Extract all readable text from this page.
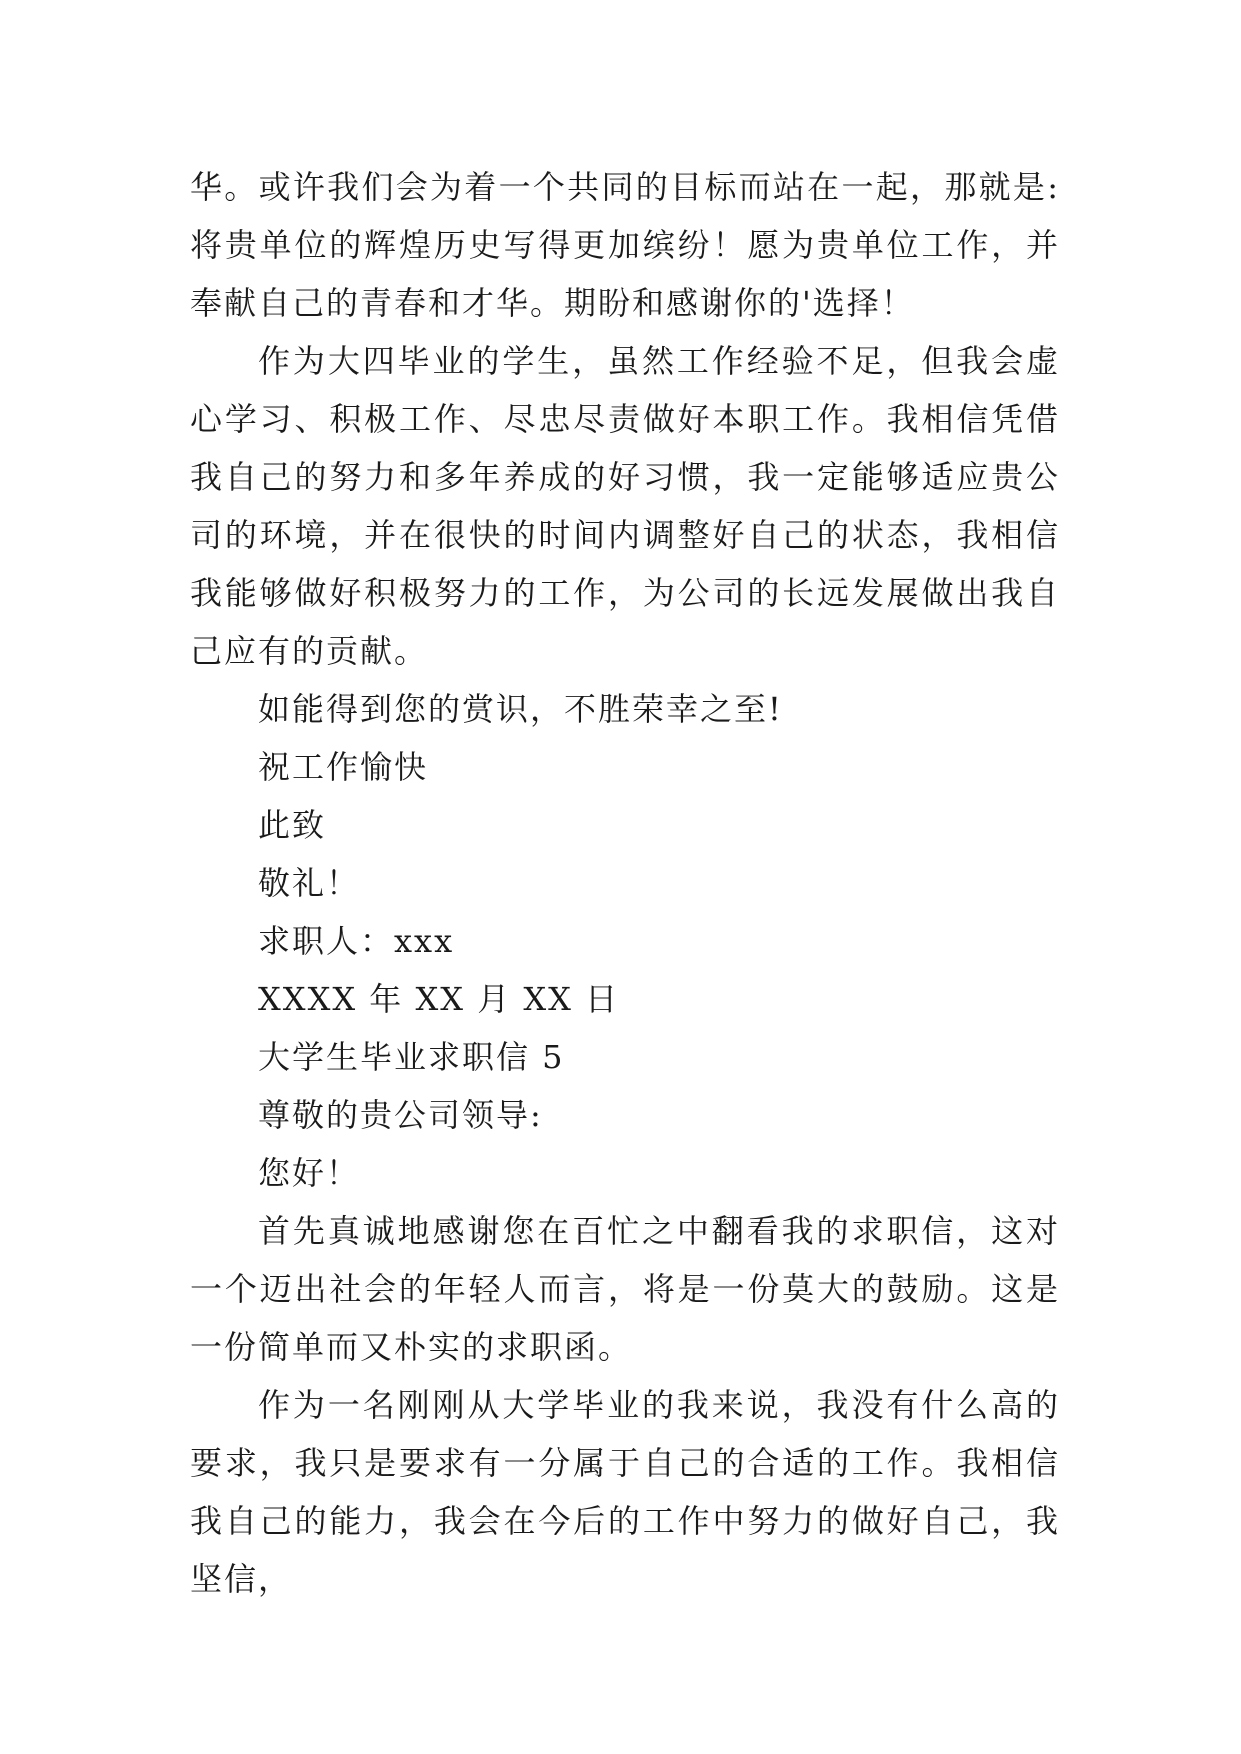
华。或许我们会为着一个共同的目标而站在一起，那就是:将贵单位的辉煌历史写得更加缤纷！愿为贵单位工作，并奉献自己的青春和才华。期盼和感谢你的'选择！

作为大四毕业的学生，虽然工作经验不足，但我会虚心学习、积极工作、尽忠尽责做好本职工作。我相信凭借我自己的努力和多年养成的好习惯，我一定能够适应贵公司的环境，并在很快的时间内调整好自己的状态，我相信我能够做好积极努力的工作，为公司的长远发展做出我自己应有的贡献。

如能得到您的赏识，不胜荣幸之至!

祝工作愉快

此致

敬礼！

求职人：xxx

XXXX 年 XX 月 XX 日

大学生毕业求职信 5

尊敬的贵公司领导:

您好！

首先真诚地感谢您在百忙之中翻看我的求职信，这对一个迈出社会的年轻人而言，将是一份莫大的鼓励。这是一份简单而又朴实的求职函。

作为一名刚刚从大学毕业的我来说，我没有什么高的要求，我只是要求有一分属于自己的合适的工作。我相信我自己的能力，我会在今后的工作中努力的做好自己，我坚信，
